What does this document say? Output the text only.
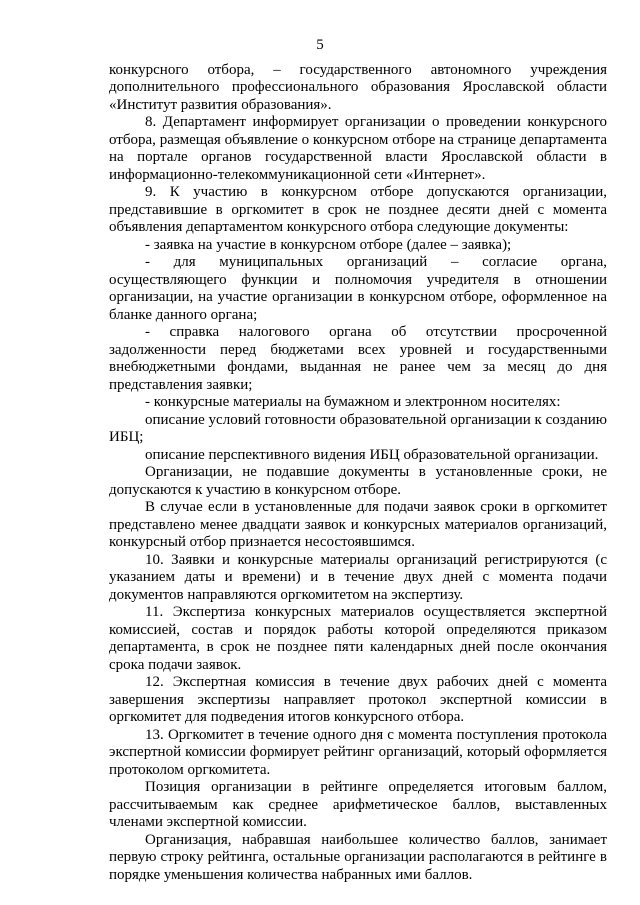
5

конкурсного отбора, – государственного автономного учреждения дополнительного профессионального образования Ярославской области «Институт развития образования».

8. Департамент информирует организации о проведении конкурсного отбора, размещая объявление о конкурсном отборе на странице департамента на портале органов государственной власти Ярославской области в информационно-телекоммуникационной сети «Интернет».

9. К участию в конкурсном отборе допускаются организации, представившие в оргкомитет в срок не позднее десяти дней с момента объявления департаментом конкурсного отбора следующие документы:

- заявка на участие в конкурсном отборе (далее – заявка);

- для муниципальных организаций – согласие органа, осуществляющего функции и полномочия учредителя в отношении организации, на участие организации в конкурсном отборе, оформленное на бланке данного органа;

- справка налогового органа об отсутствии просроченной задолженности перед бюджетами всех уровней и государственными внебюджетными фондами, выданная не ранее чем за месяц до дня представления заявки;

- конкурсные материалы на бумажном и электронном носителях:

описание условий готовности образовательной организации к созданию ИБЦ;

описание перспективного видения ИБЦ образовательной организации.

Организации, не подавшие документы в установленные сроки, не допускаются к участию в конкурсном отборе.

В случае если в установленные для подачи заявок сроки в оргкомитет представлено менее двадцати заявок и конкурсных материалов организаций, конкурсный отбор признается несостоявшимся.

10. Заявки и конкурсные материалы организаций регистрируются (с указанием даты и времени) и в течение двух дней с момента подачи документов направляются оргкомитетом на экспертизу.

11. Экспертиза конкурсных материалов осуществляется экспертной комиссией, состав и порядок работы которой определяются приказом департамента, в срок не позднее пяти календарных дней после окончания срока подачи заявок.

12. Экспертная комиссия в течение двух рабочих дней с момента завершения экспертизы направляет протокол экспертной комиссии в оргкомитет для подведения итогов конкурсного отбора.

13. Оргкомитет в течение одного дня с момента поступления протокола экспертной комиссии формирует рейтинг организаций, который оформляется протоколом оргкомитета.

Позиция организации в рейтинге определяется итоговым баллом, рассчитываемым как среднее арифметическое баллов, выставленных членами экспертной комиссии.

Организация, набравшая наибольшее количество баллов, занимает первую строку рейтинга, остальные организации располагаются в рейтинге в порядке уменьшения количества набранных ими баллов.
